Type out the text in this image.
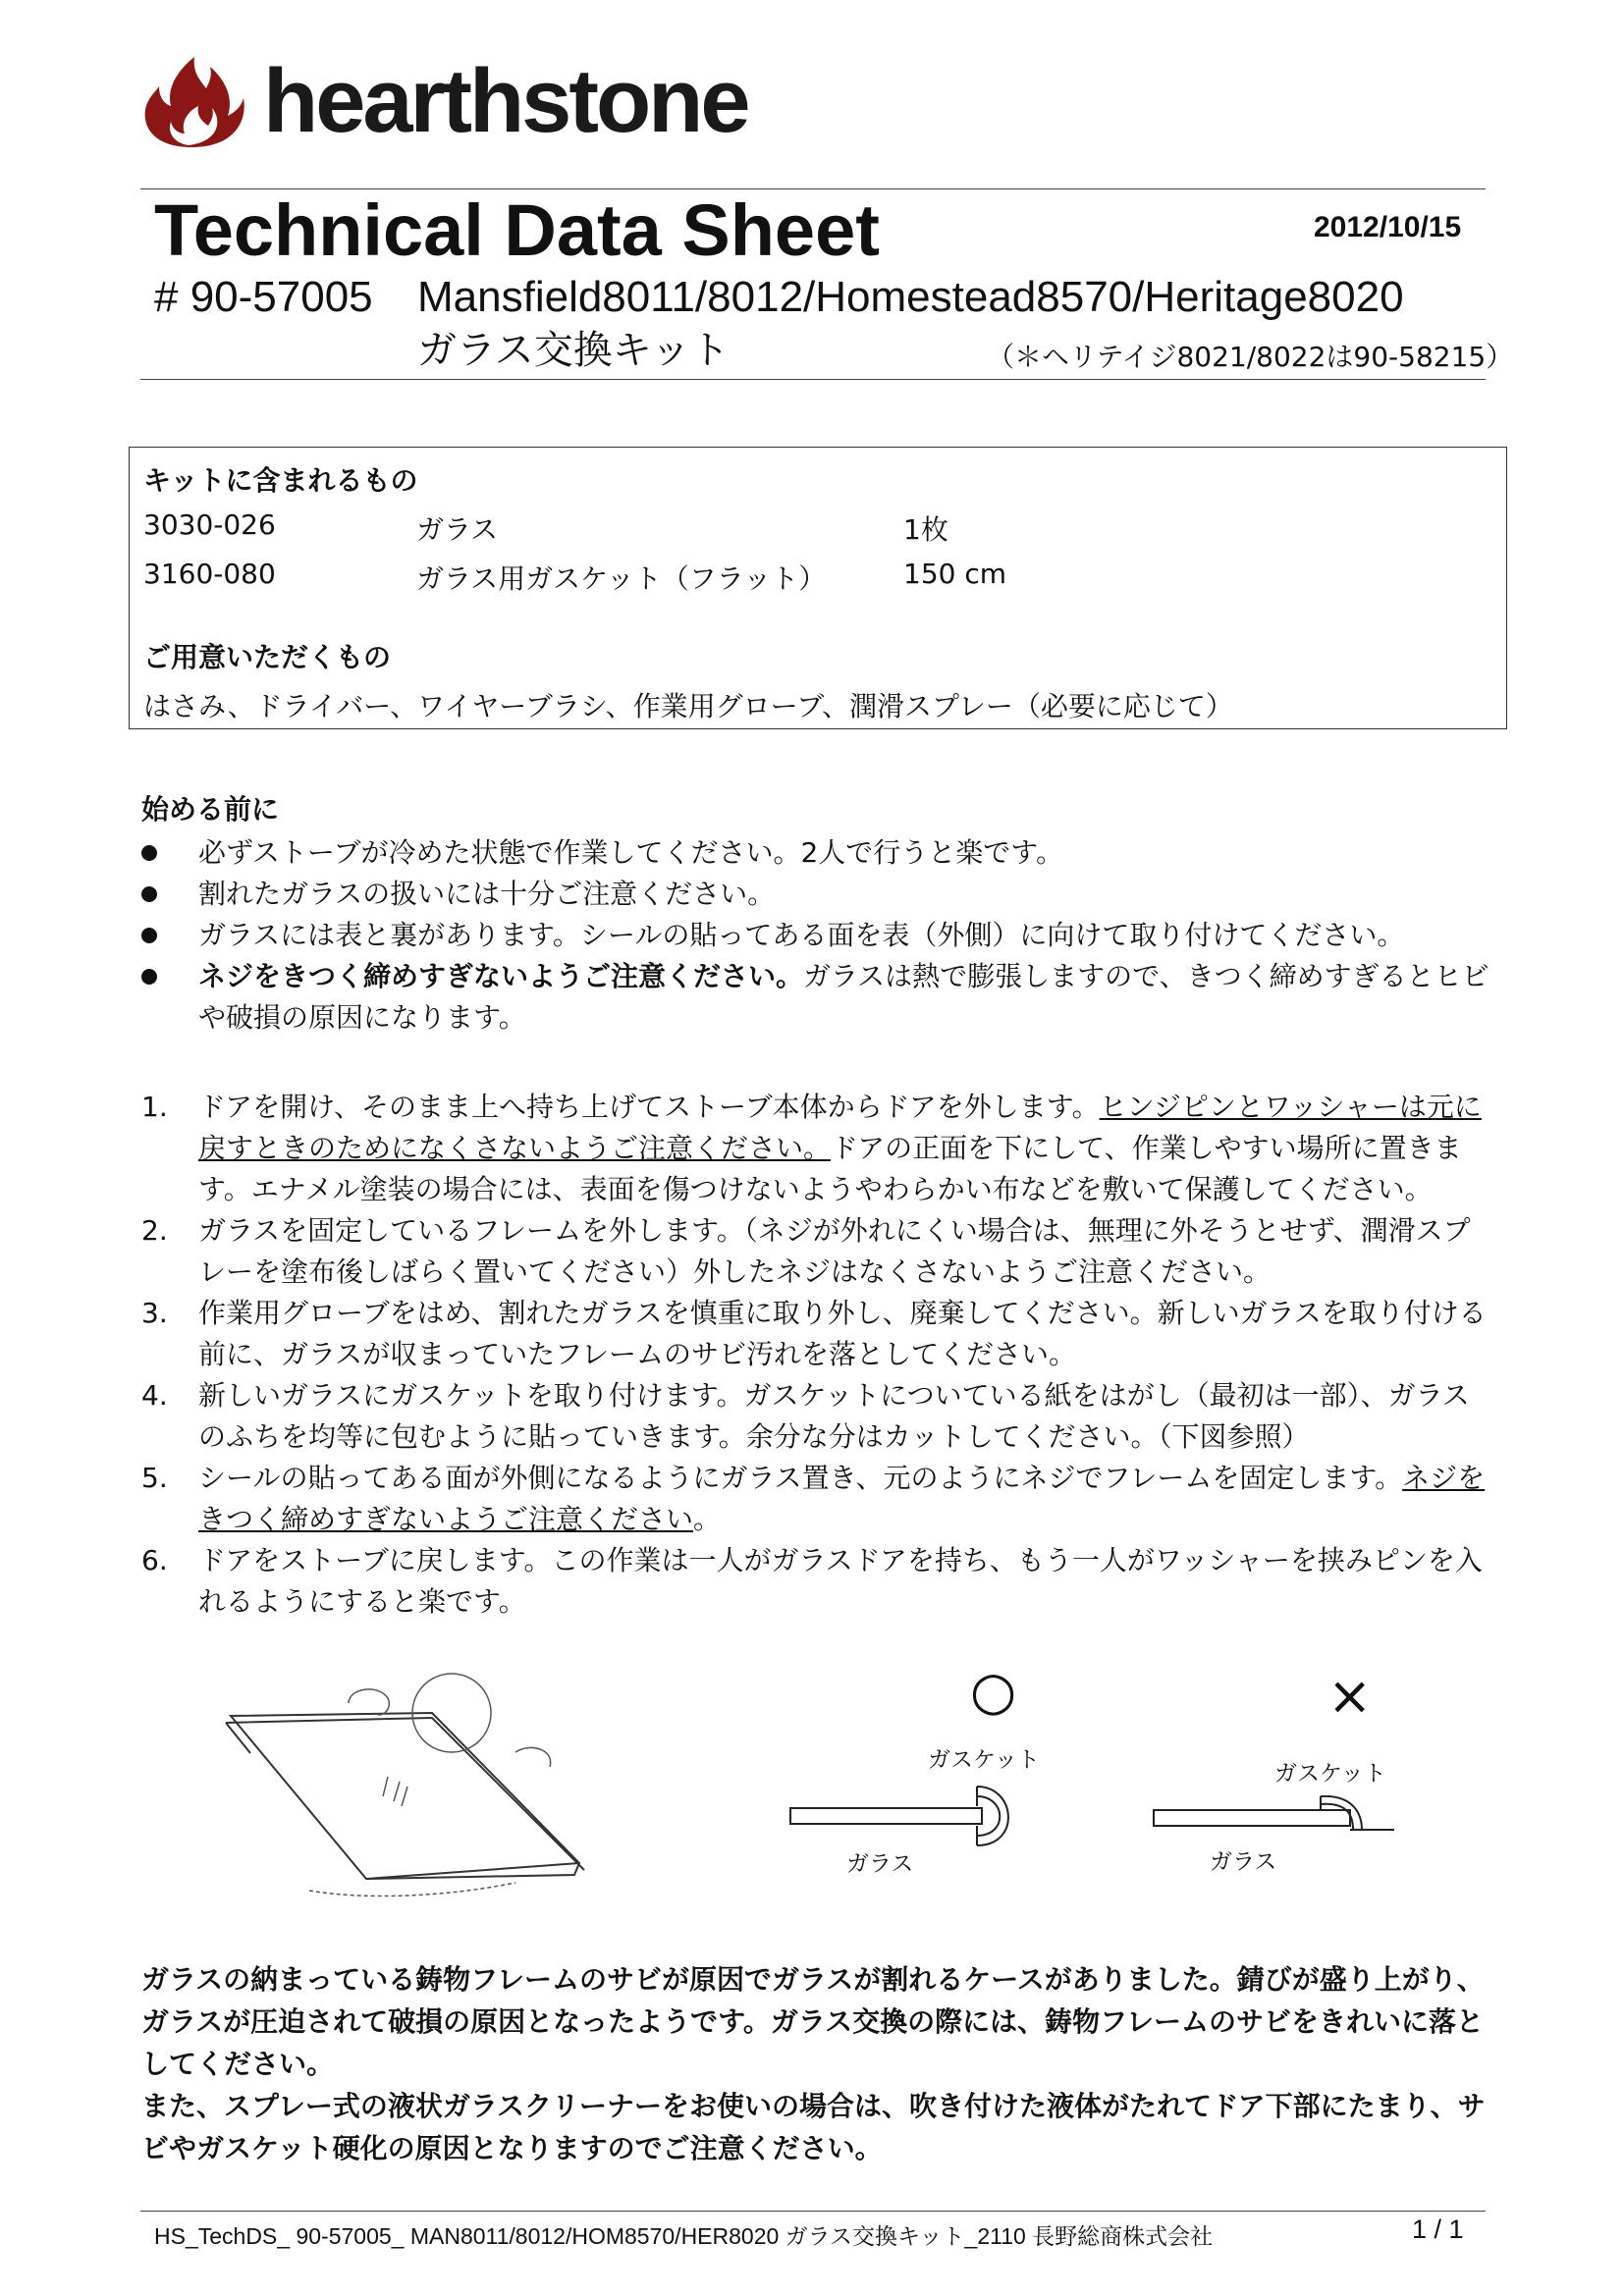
hearthstone
Technical Data Sheet	2012/10/15
# 90-57005 Mansfield8011/8012/Homestead8570/Heritage8020
ガラス交換キット	（＊ヘリテイジ8021/8022は90-58215）
キットに含まれるもの
3030-026	ガラス	1枚
3160-080	ガラス用ガスケット（フラット）	150 cm
ご用意いただくもの
はさみ、ドライバー、ワイヤーブラシ、作業用グローブ、潤滑スプレー（必要に応じて）
始める前に
必ずストーブが冷めた状態で作業してください。2人で行うと楽です。
割れたガラスの扱いには十分ご注意ください。
ガラスには表と裏があります。シールの貼ってある面を表（外側）に向けて取り付けてください。
ネジをきつく締めすぎないようご注意ください。ガラスは熱で膨張しますので、きつく締めすぎるとヒビや破損の原因になります。
1. ドアを開け、そのまま上へ持ち上げてストーブ本体からドアを外します。ヒンジピンとワッシャーは元に戻すときのためになくさないようご注意ください。ドアの正面を下にして、作業しやすい場所に置きます。エナメル塗装の場合には、表面を傷つけないようやわらかい布などを敷いて保護してください。
2. ガラスを固定しているフレームを外します。（ネジが外れにくい場合は、無理に外そうとせず、潤滑スプレーを塗布後しばらく置いてください）外したネジはなくさないようご注意ください。
3. 作業用グローブをはめ、割れたガラスを慎重に取り外し、廃棄してください。新しいガラスを取り付ける前に、ガラスが収まっていたフレームのサビ汚れを落としてください。
4. 新しいガラスにガスケットを取り付けます。ガスケットについている紙をはがし（最初は一部）、ガラスのふちを均等に包むように貼っていきます。余分な分はカットしてください。（下図参照）
5. シールの貼ってある面が外側になるようにガラス置き、元のようにネジでフレームを固定します。ネジをきつく締めすぎないようご注意ください。
6. ドアをストーブに戻します。この作業は一人がガラスドアを持ち、もう一人がワッシャーを挟みピンを入れるようにすると楽です。
○
ガスケット
ガラス
×
ガスケット
ガラス
ガラスの納まっている鋳物フレームのサビが原因でガラスが割れるケースがありました。錆びが盛り上がり、ガラスが圧迫されて破損の原因となったようです。ガラス交換の際には、鋳物フレームのサビをきれいに落としてください。
また、スプレー式の液状ガラスクリーナーをお使いの場合は、吹き付けた液体がたれてドア下部にたまり、サビやガスケット硬化の原因となりますのでご注意ください。
HS_TechDS_ 90-57005_ MAN8011/8012/HOM8570/HER8020 ガラス交換キット_2110 長野総商株式会社	1 / 1
